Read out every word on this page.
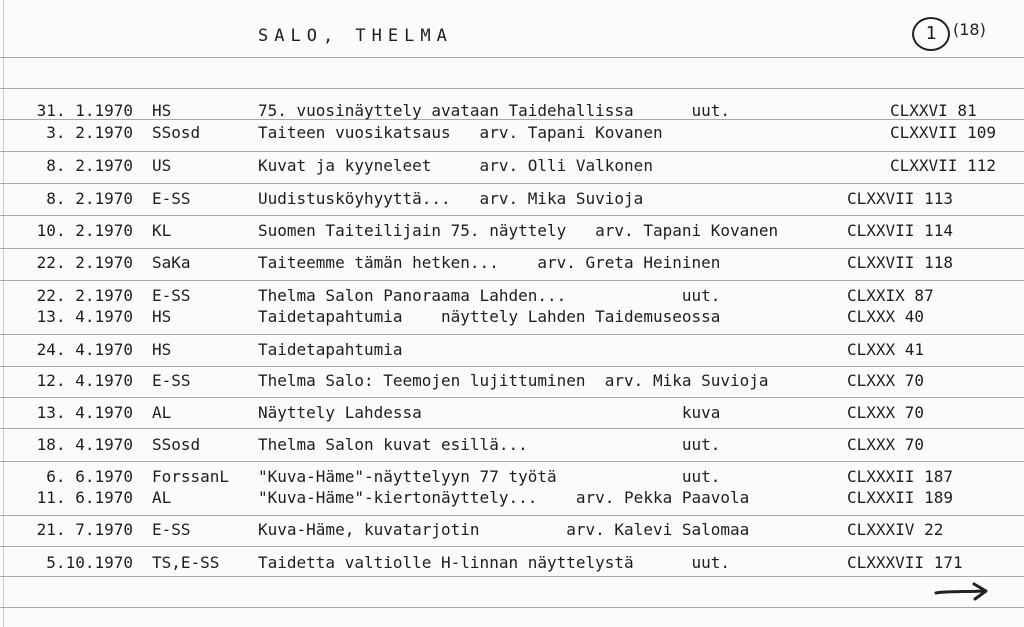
SALO, THELMA	1	(18)
31. 1.1970 HS	75. vuosinäyttely avataan Taidehallissa      uut.	CLXXVI 81
3. 2.1970 SSosd	Taiteen vuosikatsaus   arv. Tapani Kovanen	CLXXVII 109
8. 2.1970 US	Kuvat ja kyyneleet     arv. Olli Valkonen	CLXXVII 112
8. 2.1970 E-SS	Uudistusköyhyyttä...   arv. Mika Suvioja	CLXXVII 113
10. 2.1970 KL	Suomen Taiteilijain 75. näyttely   arv. Tapani Kovanen	CLXXVII 114
22. 2.1970 SaKa	Taiteemme tämän hetken...    arv. Greta Heininen	CLXXVII 118
22. 2.1970 E-SS	Thelma Salon Panoraama Lahden...            uut.	CLXXIX 87
13. 4.1970 HS	Taidetapahtumia    näyttely Lahden Taidemuseossa	CLXXX 40
24. 4.1970 HS	Taidetapahtumia	CLXXX 41
12. 4.1970 E-SS	Thelma Salo: Teemojen lujittuminen  arv. Mika Suvioja	CLXXX 70
13. 4.1970 AL	Näyttely Lahdessa                           kuva	CLXXX 70
18. 4.1970 SSosd	Thelma Salon kuvat esillä...                uut.	CLXXX 70
6. 6.1970 ForssanL "Kuva-Häme"-näyttelyyn 77 työtä             uut.	CLXXXII 187
11. 6.1970 AL	"Kuva-Häme"-kiertonäyttely...    arv. Pekka Paavola	CLXXXII 189
21. 7.1970 E-SS	Kuva-Häme, kuvatarjotin         arv. Kalevi Salomaa	CLXXXIV 22
5.10.1970 TS,E-SS Taidetta valtiolle H-linnan näyttelystä      uut.	CLXXXVII 171
